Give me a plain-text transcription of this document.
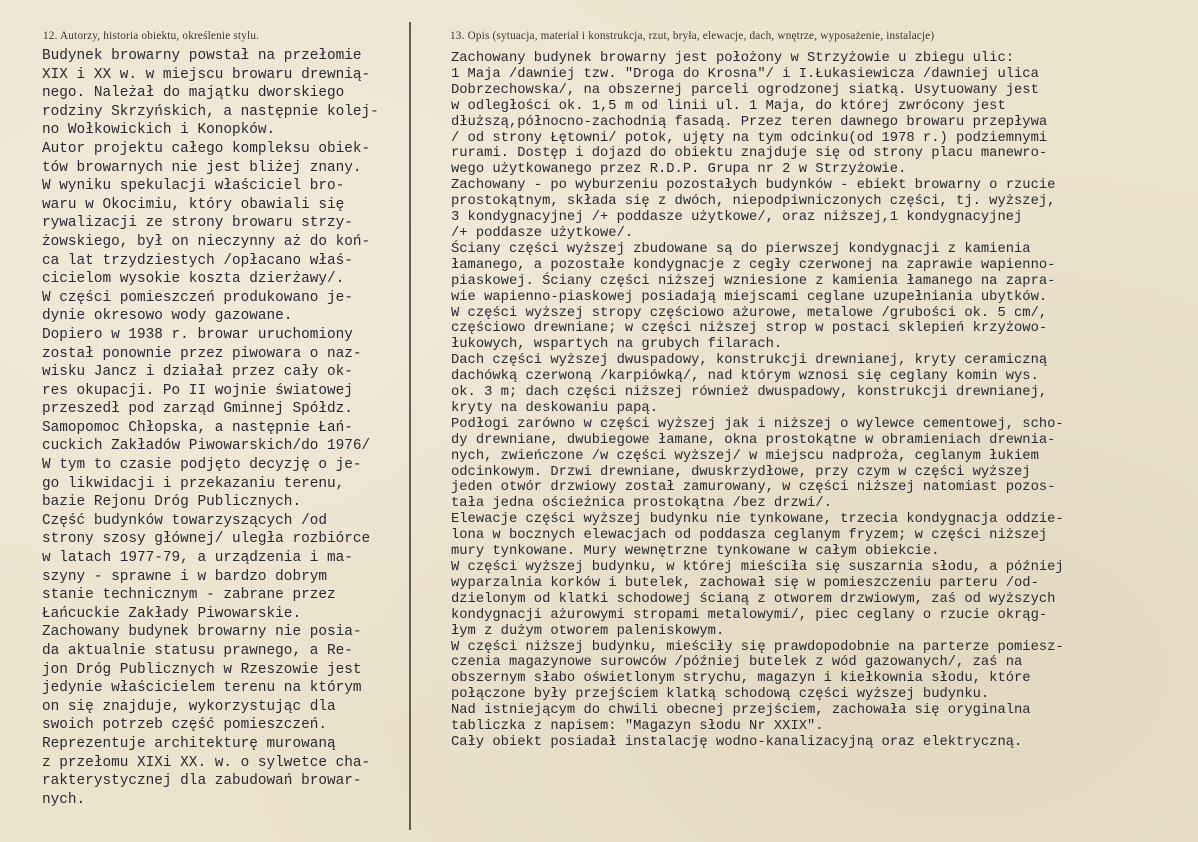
12. Autorzy, historia obiektu, określenie stylu.	13. Opis (sytuacja, materiał i konstrukcja, rzut, bryła, elewacje, dach, wnętrze, wyposażenie, instalacje)
Budynek browarny powstał na przełomie
XIX i XX w. w miejscu browaru drewnią-
nego. Należał do majątku dworskiego
rodziny Skrzyńskich, a następnie kolej-
no Wołkowickich i Konopków.
Autor projektu całego kompleksu obiek-
tów browarnych nie jest bliżej znany.
W wyniku spekulacji właściciel bro-
waru w Okocimiu, który obawiali się
rywalizacji ze strony browaru strzy-
żowskiego, był on nieczynny aż do koń-
ca lat trzydziestych /opłacano właś-
cicielom wysokie koszta dzierżawy/.
W części pomieszczeń produkowano je-
dynie okresowo wody gazowane.
Dopiero w 1938 r. browar uruchomiony
został ponownie przez piwowara o naz-
wisku Jancz i działał przez cały ok-
res okupacji. Po II wojnie światowej
przeszedł pod zarząd Gminnej Spółdz.
Samopomoc Chłopska, a następnie Łań-
cuckich Zakładów Piwowarskich/do 1976/
W tym to czasie podjęto decyzję o je-
go likwidacji i przekazaniu terenu,
bazie Rejonu Dróg Publicznych.
Część budynków towarzyszących /od
strony szosy głównej/ uległa rozbiórce
w latach 1977-79, a urządzenia i ma-
szyny - sprawne i w bardzo dobrym
stanie technicznym - zabrane przez
Łańcuckie Zakłady Piwowarskie.
Zachowany budynek browarny nie posia-
da aktualnie statusu prawnego, a Re-
jon Dróg Publicznych w Rzeszowie jest
jedynie właścicielem terenu na którym
on się znajduje, wykorzystując dla
swoich potrzeb część pomieszczeń.
Reprezentuje architekturę murowaną
z przełomu XIXi XX. w. o sylwetce cha-
rakterystycznej dla zabudowań browar-
nych.
Zachowany budynek browarny jest położony w Strzyżowie u zbiegu ulic:
1 Maja /dawniej tzw. "Droga do Krosna"/ i I.Łukasiewicza /dawniej ulica
Dobrzechowska/, na obszernej parceli ogrodzonej siatką. Usytuowany jest
w odległości ok. 1,5 m od linii ul. 1 Maja, do której zwrócony jest
dłuższą,północno-zachodnią fasadą. Przez teren dawnego browaru przepływa
/ od strony Łętowni/ potok, ujęty na tym odcinku(od 1978 r.) podziemnymi
rurami. Dostęp i dojazd do obiektu znajduje się od strony placu manewro-
wego użytkowanego przez R.D.P. Grupa nr 2 w Strzyżowie.
Zachowany - po wyburzeniu pozostałych budynków - ebiekt browarny o rzucie
prostokątnym, składa się z dwóch, niepodpiwniczonych części, tj. wyższej,
3 kondygnacyjnej /+ poddasze użytkowe/, oraz niższej,1 kondygnacyjnej
/+ poddasze użytkowe/.
Ściany części wyższej zbudowane są do pierwszej kondygnacji z kamienia
łamanego, a pozostałe kondygnacje z cegły czerwonej na zaprawie wapienno-
piaskowej. Ściany części niższej wzniesione z kamienia łamanego na zapra-
wie wapienno-piaskowej posiadają miejscami ceglane uzupełniania ubytków.
W części wyższej stropy częściowo ażurowe, metalowe /grubości ok. 5 cm/,
częściowo drewniane; w części niższej strop w postaci sklepień krzyżowo-
łukowych, wspartych na grubych filarach.
Dach części wyższej dwuspadowy, konstrukcji drewnianej, kryty ceramiczną
dachówką czerwoną /karpiówką/, nad którym wznosi się ceglany komin wys.
ok. 3 m; dach części niższej również dwuspadowy, konstrukcji drewnianej,
kryty na deskowaniu papą.
Podłogi zarówno w części wyższej jak i niższej o wylewce cementowej, scho-
dy drewniane, dwubiegowe łamane, okna prostokątne w obramieniach drewnia-
nych, zwieńczone /w części wyższej/ w miejscu nadproża, ceglanym łukiem
odcinkowym. Drzwi drewniane, dwuskrzydłowe, przy czym w części wyższej
jeden otwór drzwiowy został zamurowany, w części niższej natomiast pozos-
tała jedna ościeżnica prostokątna /bez drzwi/.
Elewacje części wyższej budynku nie tynkowane, trzecia kondygnacja oddzie-
lona w bocznych elewacjach od poddasza ceglanym fryzem; w części niższej
mury tynkowane. Mury wewnętrzne tynkowane w całym obiekcie.
W części wyższej budynku, w której mieściła się suszarnia słodu, a później
wyparzalnia korków i butelek, zachował się w pomieszczeniu parteru /od-
dzielonym od klatki schodowej ścianą z otworem drzwiowym, zaś od wyższych
kondygnacji ażurowymi stropami metalowymi/, piec ceglany o rzucie okrąg-
łym z dużym otworem paleniskowym.
W części niższej budynku, mieściły się prawdopodobnie na parterze pomiesz-
czenia magazynowe surowców /później butelek z wód gazowanych/, zaś na
obszernym słabo oświetlonym strychu, magazyn i kiełkownia słodu, które
połączone były przejściem klatką schodową części wyższej budynku.
Nad istniejącym do chwili obecnej przejściem, zachowała się oryginalna
tabliczka z napisem: "Magazyn słodu Nr XXIX".
Cały obiekt posiadał instalację wodno-kanalizacyjną oraz elektryczną.
